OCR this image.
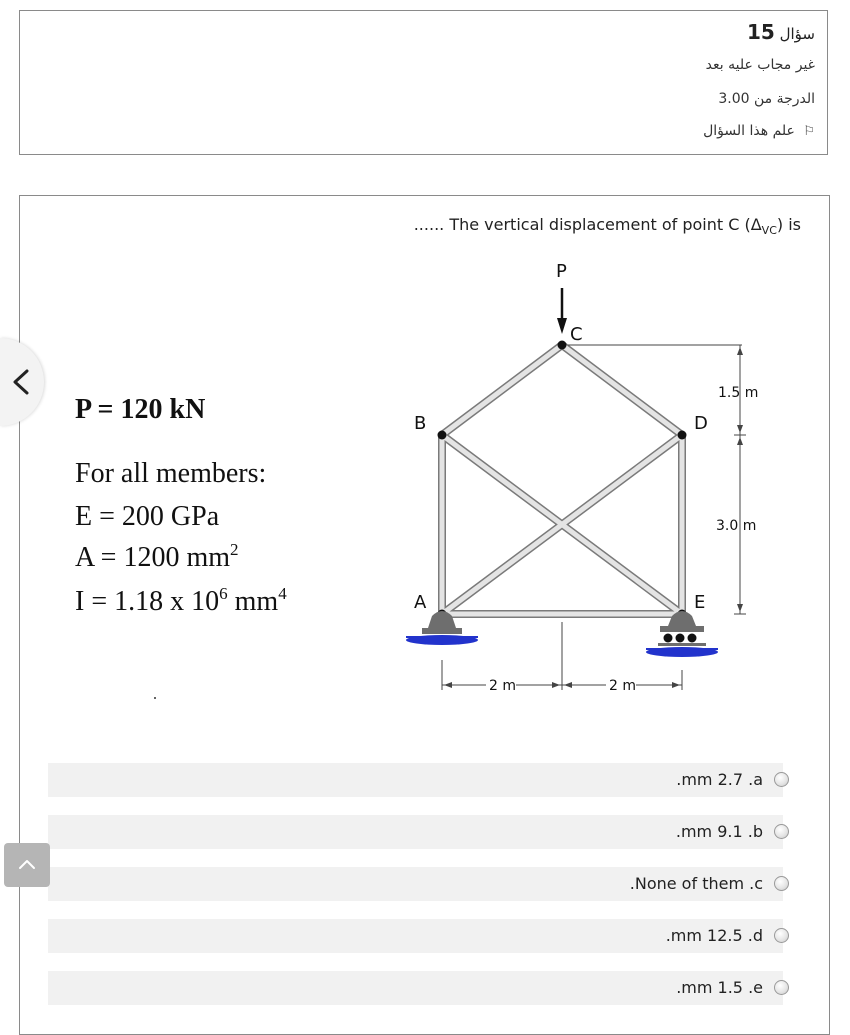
سؤال 15
غير مجاب عليه بعد
الدرجة من 3.00
⚐ علم هذا السؤال
...... The vertical displacement of point C $(\Delta_{VC})$ is
P = 120 kN
For all members:
E = 200 GPa
A = 1200 $mm^2$
I = 1.18 x $10^6$ $mm^4$
P
C
B	D
A	E
1.5 m
3.0 m
2 m	2 m
.mm 2.7 .a
.mm 9.1 .b
.None of them .c
.mm 12.5 .d
.mm 1.5 .e
